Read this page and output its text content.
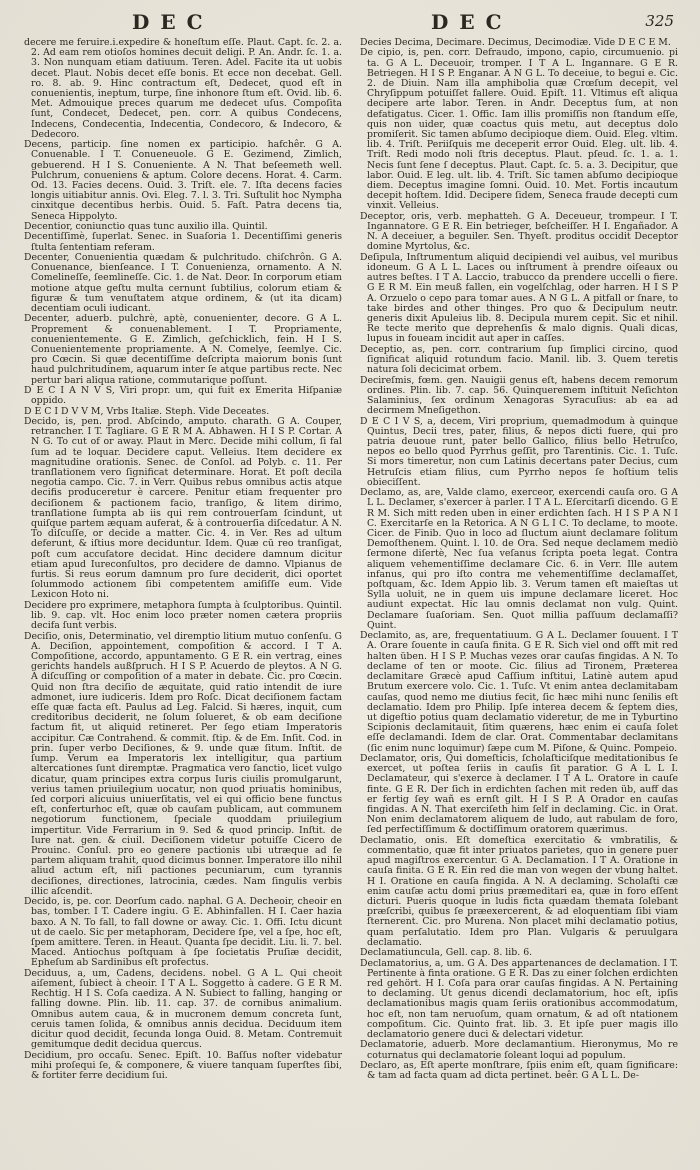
DEC	DEC	325

decere me feruire.i.expedire & honeſtum eſſe. Plaut. Capt. ſc. 2. a. 2. Ad eam rem otioſos homines decuit deligi. P. An. Andr. ſc. 1. a. 3. Non nunquam etiam datiuum. Teren. Adel. Facite ita ut uobis decet. Plaut. Nobis decet eſſe bonis. Et ecce non decebat. Gell. ro. 8. ab. 9. Hinc contractum eſt, Dedecet, quod eſt in conuenientis, ineptum, turpe, ſine inhonore ſtum eſt. Ovid. lib. 6. Met. Admouique preces quarum me dedecet uſus. Compoſita ſunt, Condecet, Dedecet, pen. corr. A quibus Condecens, Indecens, Condecentia, Indecentia, Condecoro, & Indecoro, & Dedecoro.

Decens, particip. ſine nomen ex participio. hafchêr. G A. Conuenable. I T. Conueneuole. G E. Gezimend, Zimlich, gebuerend. H I S. Conueniente. A N. That beſeemeth well. Pulchrum, conueniens & aptum. Colore decens. Horat. 4. Carm. Od. 13. Facies decens. Ouid. 3. Triſt. ele. 7. Iſta decens facies longis uitiabitur annis. Ovi. Eleg. 7. l. 3. Tri. Suſtulit hoc Nympha cinxitque decentibus herbis. Ouid. 5. Faſt. Patra decens tia, Seneca Hippolyto.

Decentior, coniunctio quas tunc auxilio illa. Quintil.

Decentiſſimè, ſuperlat. Senec. in Suaſoria 1. Decentiſſimi generis ſtulta ſententiam referam.

Decenter, Conuenientia quædam & pulchritudo. chiſchrôn. G A. Conuenance, bienſeance. I T. Conuenienza, ornamento. A N. Comelineſſe, ſeemlineſſe. Cic. 1. de Nat. Deor. In corporum etiam motione atque geſtu multa cernunt ſubtilius, colorum etiam & figuræ & tum venuſtatem atque ordinem, & (ut ita dicam) decentiam oculi iudicant.

Decenter, aduerb. pulchrè, aptè, conuenienter, decore. G A L. Proprement & conuenablement. I T. Propriamente, conuenientemente. G E. Zimlich, geſchicklich, fein. H I S. Conuenientemente propriamente. A N. Comelye, ſeemlye. Cic. pro Cœcin. Si quæ decentiſſime deſcripta maiorum bonis ſunt haud pulchritudinem, aquarum inter ſe atque partibus recte. Nec pertur bari aliqua ratione, commutarique poſſunt.

D E C I A N V S, Viri propr. um, qui fuit ex Emerita Hiſpaniæ oppido.

D E C I D V V M, Vrbs Italiæ. Steph. Vide Deceates.

Decido, is, pen. prod. Abſcindo, amputo. charath. G A. Couper, retrancher. I T. Tagliare. G E R M A. Abhawen. H I S P. Cortar. A N G. To cut of or away. Plaut in Merc. Decide mihi collum, ſi fal ſum ad te loquar. Decidere caput. Velleius. Item decidere ex magnitudine orationis. Senec. de Conſol. ad Polyb. c. 11. Per tranſlationem vero ſignificat determinare. Horat. Et poſt decila negotia campo. Cic. 7. in Verr. Quibus rebus omnibus actis atque decifis produceretur è carcere. Penitur etiam frequenter pro deciſionem & pactionem facio, tranſigo, & litem dirimo, tranſlatione ſumpta ab iis qui rem controuerſam ſcindunt, ut quiſque partem æquam auferat, & à controuerſia diſcedatur. A N. To diſcuſſe, or decide a matter. Cic. 4. in Ver. Res ad ultum deferunt, & iſtius more deciduntur. Idem. Quæ cū reo tranſigat, poſt cum accuſatore decidat. Hinc decidere damnum dicitur etiam apud Iureconſultos, pro decidere de damno. Vlpianus de furtis. Si reus eorum damnum pro ſure deciderit, dici oportet ſolummodo actionem ſibi competentem amiſiſſe eum. Vide Lexicon Hoto ni.

Decidere pro exprimere, metaphora ſumpta à ſculptoribus. Quintil. lib. 9. cap. vlt. Hoc enim loco præter nomen cætera propriis decifa ſunt verbis.

Deciſio, onis, Determinatio, vel diremptio litium mutuo conſenſu. G A. Deciſion, appointement, compoſition & accord. I T A. Compoſitione, accordo, appuntamento. G E R. ein vertrag, eines gerichts handels außſpruch. H I S P. Acuerdo de pleytos. A N G. A diſcuſſing or compoſition of a mater in debate. Cic. pro Cœcin. Quid non ſtra deciſio de æquitate, quid ratio intendit de iure admonet, iure iudiceris. Idem pro Roſc. Dicat deciſionem factam eſſe quæ facta eſt. Paulus ad Leg. Falcid. Si hæres, inquit, cum creditoribus deciderit, ne ſolum ſolueret, & ob eam deciſione factum fit, ut aliquid retineret. Per ſego etiam Imperatoris accipitur. Cæ Contrahend. & commit. ſtip. & de Em. Inſit. Cod. in prin. ſuper verbo Deciſiones, & 9. unde quæ ſitum. Inſtit. de ſump. Verum ea Imperatoris lex intelligitur, qua partium altercationes ſunt diremptæ. Pragmatica vero ſanctio, licet vulgo dicatur, quam principes extra corpus Iuris ciuilis promulgarunt, verius tamen priuilegium uocatur, non quod priuatis hominibus, ſed corpori alicuius uniuerſitatis, vel ei qui officio bene functus eſt, conferturhoc eſt, quæ ob cauſam publicam, aut communem negotiorum functionem, ſpeciale quoddam priuilegium impertitur. Vide Ferrarium in 9. Sed & quod princip. Inſtit. de Iure nat. gen. & ciuil. Deciſionem videtur potuiſſe Cicero de Prouinc. Conſul. pro eo genere pactionis ubi utræque ad ſe partem aliquam trahit, quod dicimus bonner. Imperatore illo nihil aliud actum eſt, niſi pactiones pecuniarum, cum tyrannis deciſiones, directiones, latrocinia, cædes. Nam ſingulis verbis illic aſcendit.

Decido, is, pe. cor. Deorſum cado. naphal. G A. Decheoir, cheoir en bas, tomber. I T. Cadere ingiu. G E. Abhinfallen. H I. Caer hazia baxo. A N. To fall, to fall downe or away. Cic. 1. Offi. Ictu dicunt ut de caelo. Sic per metaphoram, Decidere ſpe, vel a ſpe, hoc eſt, ſpem amittere. Teren. in Heaut. Quanta ſpe decidit. Liu. li. 7. bel. Maced. Antiochus poſtquam à ſpe ſocietatis Pruſiæ decidit, Epheſum ab Sardinibus eſt profectus.

Deciduus, a, um, Cadens, decidens. nobel. G A L. Qui cheoit aiſement, ſubiect à cheoir. I T A L. Soggetto à cadere. G E R M. Rechtig. H I S. Coſa caediza. A N. Subiect to falling, hanging or falling downe. Plin. lib. 11. cap. 37. de cornibus animalium. Omnibus autem caua, & in mucronem demum concreta ſunt, ceruis tamen ſolida, & omnibus annis decidua. Deciduum item dicitur quod decidit, ſecunda longa Ouid. 8. Metam. Contremuit gemitumque dedit decidua quercus.

Decidium, pro occaſu. Senec. Epiſt. 10. Baſſus noſter videbatur mihi proſequi ſe, & componere, & viuere tanquam ſuperſtes ſibi, & fortiter ferre decidium ſui.

Decies Decima, Decimare. Decimus, Decimodiæ. Vide D E C E M.

De cipio, is, pen. corr. Defraudo, impono, capio, circumuenio. pi ta. G A L. Deceuoir, tromper. I T A L. Ingannare. G E R. Betriegen. H I S P. Enganar. A N G L. To deceiue, to begui e. Cic. 2. de Diuin. Nam illa amphibolia quæ Crœſum decepit, vel Chryſippum potuiſſet fallere. Ouid. Epiſt. 11. Vltimus eſt aliqua decipere arte labor. Teren. in Andr. Deceptus ſum, at non defatigatus. Cicer. 1. Offic. Iam illis promiſſis non ſtandum eſſe, quis non uider, quæ coactus quis metu, aut deceptus dolo promiſerit. Sic tamen abſumo decipioque diem. Ouid. Eleg. vltim. lib. 4. Triſt. Periiſquis me deceperit error Ouid. Eleg. ult. lib. 4. Triſt. Redi modo noli ſtris deceptus. Plaut. pſeud. ſc. 1. a. 1. Necis ſunt ſene ſ deceptus. Plaut. Capt. ſc. 5. a. 3. Decipitur, que labor. Ouid. E leg. ult. lib. 4. Triſt. Sic tamen abſumo decipioque diem. Deceptus imagine ſomni. Ouid. 10. Met. Fortis incautum decepit hoſtem. Idid. Decipere ſidem, Seneca fraude decepti cum vinxit. Velleius.

Deceptor, oris, verb. mephatteh. G A. Deceueur, trompeur. I T. Ingannatore. G E R. Ein betrieger, beſcheiſſer. H I. Engañador. A N. A deceiuer, a beguiler. Sen. Thyeſt. proditus occidit Deceptor domine Myrtolus, &c.

Deſipula, Inſtrumentum aliquid decipiendi vel auibus, vel muribus idoneum. G A L L. Laces ou inſtrument à prendre oiſeaux ou autres beſtes. I T A. Laccio, trabucco da prendere uccelli o fiere. G E R M. Ein meuß fallen, ein vogelſchlag, oder harren. H I S P A. Orzuelo o cepo para tomar aues. A N G L. A pitfall or ſnare, to take birdes and other thinges. Pro quo & Decipulum neutr. generis dixit Apuleius lib. 8. Decipula murem cepit. Sic et nihil. Re tecte merito que deprehenſis & malo dignis. Quali dicas, lupus in foueam incidit aut aper in caſſes.

Deceptio, as, pen. corr. contrarium ſup ſimplici circino, quod ſignificat aliquid rotundum facio. Manil. lib. 3. Quem teretis natura ſoli decicimat orbem.

Decireſmis, fœm. gen. Nauigii genus eſt, habens decem remorum ordines. Plin. lib. 7. cap. 56. Quinqueremem inſtituit Neſichton Salaminius, ſex ordinum Xenagoras Syracuſius: ab ea ad decirmem Mneſigethon.

D E C I V S, a, decem, Viri proprium, quemadmodum à quinque Quintus, Decii tres, pater, filius, & nepos dicti fuere, qui pro patria deuoue runt, pater bello Gallico, filius bello Hetruſco, nepos eo bello quod Pyrrhus geſſit, pro Tarentinis. Cic. 1. Tuſc. Si mors timeretur, non cum Latinis decertans pater Decius, cum Hetruſcis etiam filius, cum Pyrrho nepos ſe hoſtium telis obieciſſent.

Declamo, as, are, Valde clamo, exerceor, exercendi cauſa oro. G A L L. Declamer, s'exercer à parler. I T A L. Eſercitarſi dicendo. G E R M. Sich mitt reden uben in einer erdichten ſach. H I S P A N I C. Exercitarſe en la Retorica. A N G L I C. To declame, to moote. Cicer. de Finib. Quo in loco ad ſluctum aiunt declamare ſolitum Demoſthenem. Quint. l. 10. de Ora. Sed neque declamem mediò ſermone diſertè, Nec ſua veſanus ſcripta poeta legat. Contra aliquem vehementiſſime declamare Cic. 6. in Verr. Ille autem infanus, qui pro iſto contra me vehementiſſime declamaſſet, poſtquam, &c. Idem Appio lib. 3. Verum tamen eſt maieſtas ut Sylla uoluit, ne in quem uis impune declamare liceret. Hoc audiunt expectat. Hic lau omnis declamat non vulg. Quint. Declamare ſuaſoriam. Sen. Quot millia paſſuum declamaſſi? Quint.

Declamito, as, are, frequentatiuum. G A L. Declamer ſouuent. I T A. Orare ſouente in cauſa finita. G E R. Sich viel ond offt mit red halten üben. H I S P. Muchas vezes orar cauſas fingidas. A N. To declame of ten or moote. Cic. ſilius ad Tironem, Præterea declamitare Græcè apud Caſſium inſtitui, Latinè autem apud Brutum exercere volo. Cic. 1. Tuſc. Vt enim antea declamitabam cauſas, quod nemo me diutius fecit, ſic hæc mihi nunc ſenilis eſt declamatio. Idem pro Philip. Ipſe interea decem & ſeptem dies, ut digeſtio potius quam declamatio videretur, de me in Tyburtino Scipionis declamitauit, ſitim quærens, hæc enim ei cauſa ſolet eſſe declamandi. Idem de clar. Orat. Commentabar declamitans (ſic enim nunc loquimur) ſæpe cum M. Piſone, & Quinc. Pompeio.

Declamator, oris, Qui domeſticis, ſcholaſticiſque meditationibus ſe exercet, ut poſtea ſeriis in cauſis ſit paratior. G A L L I. Declamateur, qui s'exerce à declamer. I T A L. Oratore in cauſe finte. G E R. Der ſich in erdichten ſachen mit reden üb, auff das er fertig ſey wañ es ernſt gilt. H I S P. A Orador en cauſas fingidas. A N. That exerciſeth him ſelf in declaming. Cic. in Orat. Non enim declamatorem aliquem de ludo, aut rabulam de foro, ſed perfectiſſimum & doctiſſimum oratorem quærimus.

Declamatio, onis. Eſt domeſtica exercitatio & vmbratilis, & commentatio, quæ fit inter priuatos parietes, quo in genere puer apud magiſtros exercentur. G A. Declamation. I T A. Oratione in cauſa finita. G E R. Ein red die man von wegen der vbung haltet. H I. Oratione en cauſa fingida. A N. A declaming. Scholaſti cæ enim cauſæ actu domi prius præmeditari ea, quæ in foro eſſent dicturi. Pueris quoque in ludis ficta quædam themata ſolebant præſcribi, quibus ſe præexercerent, & ad eloquentiam ſibi viam ſternerent. Cic. pro Murena. Non placet mihi declamatio potius, quam perſalutatio. Idem pro Plan. Vulgaris & peruulgara declamatio.

Declamatiuncula, Gell. cap. 8. lib. 6.

Declamatorius, a, um. G A. Des appartenances de declamation. I T. Pertinente à finta oratione. G E R. Das zu einer ſolchen erdichten red gehört. H I. Coſa para orar cauſas fingidas. A N. Pertaining to declaming. Ut genus dicendi declamatorium, hoc eſt, ipſis declamationibus magis quam ſeriis orationibus accommodatum, hoc eſt, non tam neruoſum, quam ornatum, & ad oſt ntationem compoſitum. Cic. Quinto frat. lib. 3. Et ipſe puer magis illo declamatorio genere duci & delectari videtur.

Declamatorie, aduerb. More declamantium. Hieronymus, Mo re coturnatus qui declamatorie ſoleant loqui ad populum.

Declaro, as, Eſt aperte monſtrare, ſpiis enim eſt, quam ſignificare: & tam ad facta quam ad dicta pertinet. beêr. G A L L. De-
